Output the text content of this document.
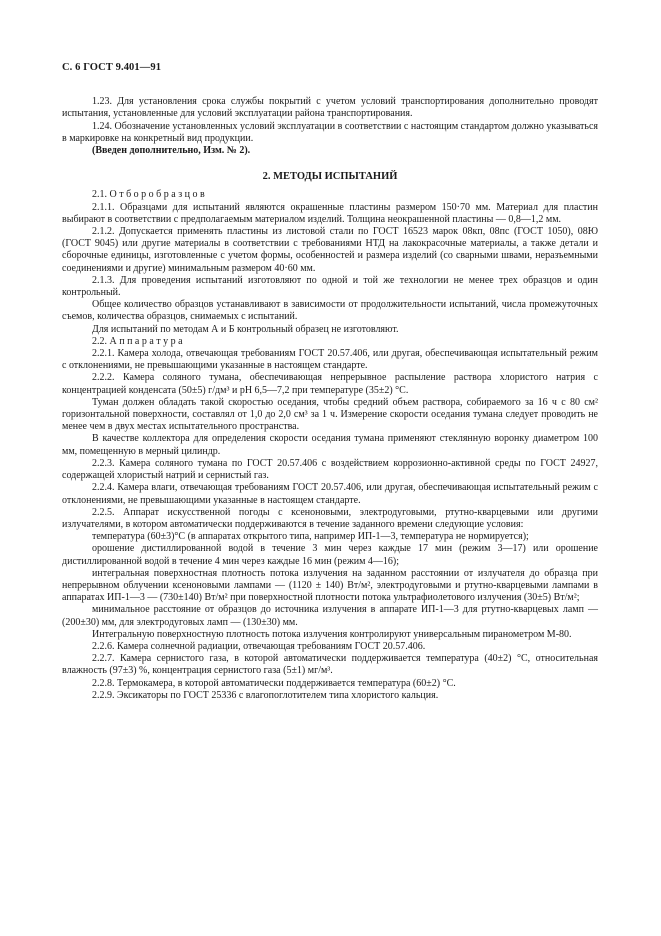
С. 6 ГОСТ 9.401—91

1.23. Для установления срока службы покрытий с учетом условий транспортирования дополнительно проводят испытания, установленные для условий эксплуатации района транспортирования.

1.24. Обозначение установленных условий эксплуатации в соответствии с настоящим стандартом должно указываться в маркировке на конкретный вид продукции.

(Введен дополнительно, Изм. № 2).

2. МЕТОДЫ ИСПЫТАНИЙ

2.1. О т б о р о б р а з ц о в

2.1.1. Образцами для испытаний являются окрашенные пластины размером 150·70 мм. Материал для пластин выбирают в соответствии с предполагаемым материалом изделий. Толщина неокрашенной пластины — 0,8—1,2 мм.

2.1.2. Допускается применять пластины из листовой стали по ГОСТ 16523 марок 08кп, 08пс (ГОСТ 1050), 08Ю (ГОСТ 9045) или другие материалы в соответствии с требованиями НТД на лакокрасочные материалы, а также детали и сборочные единицы, изготовленные с учетом формы, особенностей и размера изделий (со сварными швами, неразъемными соединениями и другие) минимальным размером 40·60 мм.

2.1.3. Для проведения испытаний изготовляют по одной и той же технологии не менее трех образцов и один контрольный.

Общее количество образцов устанавливают в зависимости от продолжительности испытаний, числа промежуточных съемов, количества образцов, снимаемых с испытаний.

Для испытаний по методам А и Б контрольный образец не изготовляют.

2.2. А п п а р а т у р а

2.2.1. Камера холода, отвечающая требованиям ГОСТ 20.57.406, или другая, обеспечивающая испытательный режим с отклонениями, не превышающими указанные в настоящем стандарте.

2.2.2. Камера соляного тумана, обеспечивающая непрерывное распыление раствора хлористого натрия с концентрацией конденсата (50±5) г/дм³ и pH 6,5—7,2 при температуре (35±2) °С.

Туман должен обладать такой скоростью оседания, чтобы средний объем раствора, собираемого за 16 ч с 80 см² горизонтальной поверхности, составлял от 1,0 до 2,0 см³ за 1 ч. Измерение скорости оседания тумана следует проводить не менее чем в двух местах испытательного пространства.

В качестве коллектора для определения скорости оседания тумана применяют стеклянную воронку диаметром 100 мм, помещенную в мерный цилиндр.

2.2.3. Камера соляного тумана по ГОСТ 20.57.406 с воздействием коррозионно-активной среды по ГОСТ 24927, содержащей хлористый натрий и сернистый газ.

2.2.4. Камера влаги, отвечающая требованиям ГОСТ 20.57.406, или другая, обеспечивающая испытательный режим с отклонениями, не превышающими указанные в настоящем стандарте.

2.2.5. Аппарат искусственной погоды с ксеноновыми, электродуговыми, ртутно-кварцевыми или другими излучателями, в котором автоматически поддерживаются в течение заданного времени следующие условия:

температура (60±3)°С (в аппаратах открытого типа, например ИП-1—3, температура не нормируется);

орошение дистиллированной водой в течение 3 мин через каждые 17 мин (режим 3—17) или орошение дистиллированной водой в течение 4 мин через каждые 16 мин (режим 4—16);

интегральная поверхностная плотность потока излучения на заданном расстоянии от излучателя до образца при непрерывном облучении ксеноновыми лампами — (1120 ± 140) Вт/м², электродуговыми и ртутно-кварцевыми лампами в аппаратах ИП-1—3 — (730±140) Вт/м² при поверхностной плотности потока ультрафиолетового излучения (30±5) Вт/м²;

минимальное расстояние от образцов до источника излучения в аппарате ИП-1—3 для ртутно-кварцевых ламп — (200±30) мм, для электродуговых ламп — (130±30) мм.

Интегральную поверхностную плотность потока излучения контролируют универсальным пиранометром М-80.

2.2.6. Камера солнечной радиации, отвечающая требованиям ГОСТ 20.57.406.

2.2.7. Камера сернистого газа, в которой автоматически поддерживается температура (40±2) °С, относительная влажность (97±3) %, концентрация сернистого газа (5±1) мг/м³.

2.2.8. Термокамера, в которой автоматически поддерживается температура (60±2) °С.

2.2.9. Эксикаторы по ГОСТ 25336 с влагопоглотителем типа хлористого кальция.
